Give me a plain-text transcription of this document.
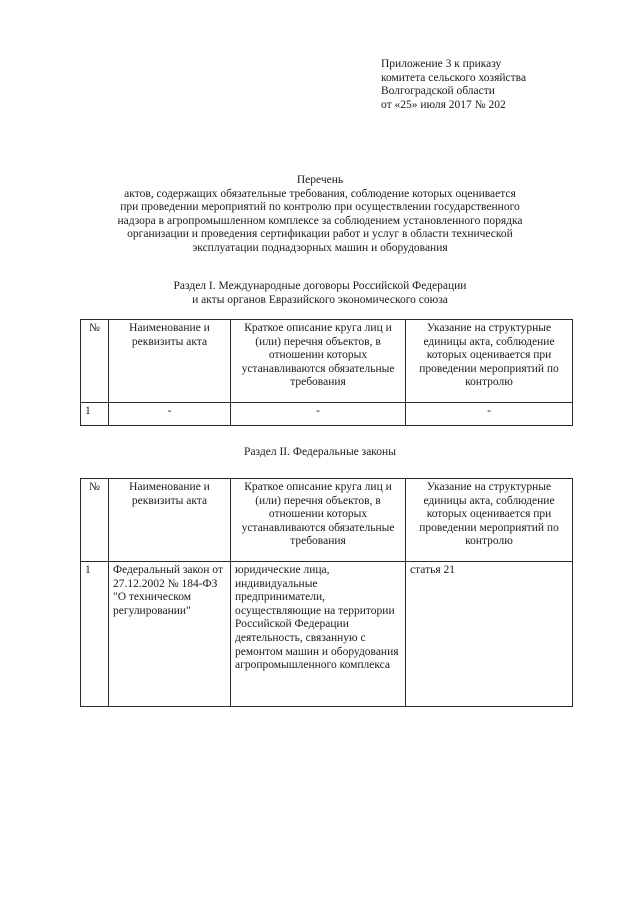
Приложение 3 к приказу
комитета сельского хозяйства
Волгоградской области
от «25» июля 2017 № 202
Перечень
актов, содержащих обязательные требования, соблюдение которых оценивается
при проведении мероприятий по контролю при осуществлении государственного
надзора в агропромышленном комплексе за соблюдением установленного порядка
организации и проведения сертификации работ и услуг в области технической
эксплуатации поднадзорных машин и оборудования
Раздел I. Международные договоры Российской Федерации
и акты органов Евразийского экономического союза
№	Наименование и реквизиты акта	Краткое описание круга лиц и (или) перечня объектов, в отношении которых устанавливаются обязательные требования	Указание на структурные единицы акта, соблюдение которых оценивается при проведении мероприятий по контролю
1	-	-	-
Раздел II. Федеральные законы
№	Наименование и реквизиты акта	Краткое описание круга лиц и (или) перечня объектов, в отношении которых устанавливаются обязательные требования	Указание на структурные единицы акта, соблюдение которых оценивается при проведении мероприятий по контролю
1	Федеральный закон от 27.12.2002 № 184-ФЗ "О техническом регулировании"	юридические лица, индивидуальные предприниматели, осуществляющие на территории Российской Федерации деятельность, связанную с ремонтом машин и оборудования агропромышленного комплекса	статья 21
